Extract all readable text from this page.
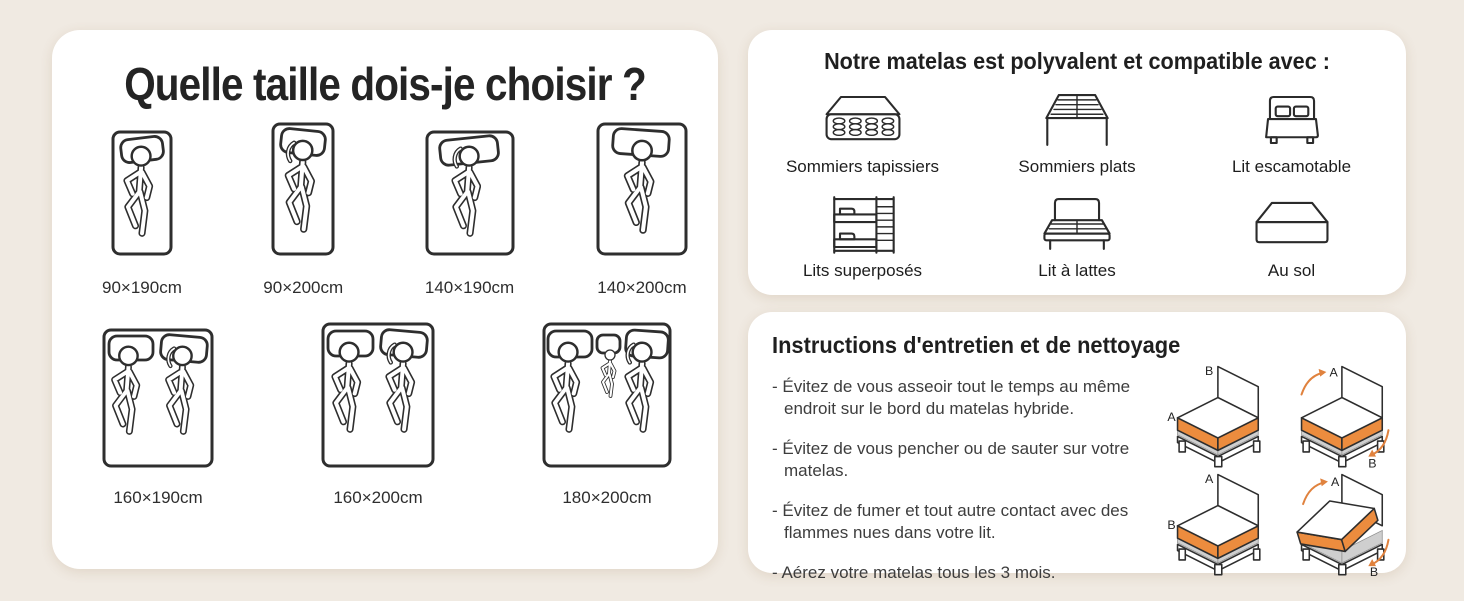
Quelle taille dois-je choisir ?
90×190cm	90×200cm	140×190cm	140×200cm
160×190cm	160×200cm	180×200cm
Notre matelas est polyvalent et compatible avec :
Sommiers tapissiers	Sommiers plats	Lit escamotable
Lits superposés	Lit à lattes	Au sol
Instructions d'entretien et de nettoyage

- Évitez de vous asseoir tout le temps au même endroit sur le bord du matelas hybride.

- Évitez de vous pencher ou de sauter sur votre matelas.

- Évitez de fumer et tout autre contact avec des flammes nues dans votre lit.

- Aérez votre matelas tous les 3 mois.

B
A
A
B
A
B
A
B
